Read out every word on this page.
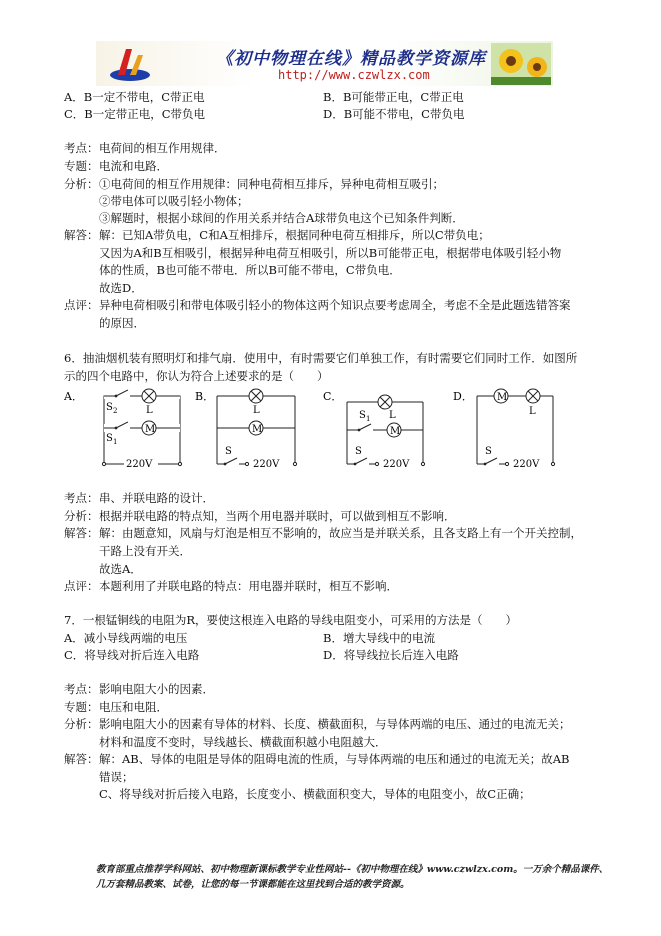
《初中物理在线》精品教学资源库
http://www.czwlzx.com
A．B一定不带电，C带正电	B．B可能带正电，C带正电
C．B一定带正电，C带负电	D．B可能不带电，C带负电
考点： 电荷间的相互作用规律．
专题： 电流和电路．
分析： ①电荷间的相互作用规律：同种电荷相互排斥，异种电荷相互吸引；
②带电体可以吸引轻小物体；
③解题时，根据小球间的作用关系并结合A球带负电这个已知条件判断．
解答： 解：已知A带负电，C和A互相排斥，根据同种电荷互相排斥，所以C带负电；
又因为A和B互相吸引，根据异种电荷互相吸引，所以B可能带正电，根据带电体吸引轻小物
体的性质，B也可能不带电．所以B可能不带电，C带负电．
故选D．
点评： 异种电荷相吸引和带电体吸引轻小的物体这两个知识点要考虑周全，考虑不全是此题选错答案
的原因．
6．抽油烟机装有照明灯和排气扇．使用中，有时需要它们单独工作，有时需要它们同时工作．如图所
示的四个电路中，你认为符合上述要求的是（　　）
A．
L
S 2
M
S 1
220V
B．
L
M
S
220V
C．
L
M
S 1
S
220V
D． M
L
S
220V
考点： 串、并联电路的设计．
分析： 根据并联电路的特点知，当两个用电器并联时，可以做到相互不影响．
解答： 解：由题意知，风扇与灯泡是相互不影响的，故应当是并联关系，且各支路上有一个开关控制，
干路上没有开关．
故选A．
点评： 本题利用了并联电路的特点：用电器并联时，相互不影响．
7．一根锰铜线的电阻为R，要使这根连入电路的导线电阻变小，可采用的方法是（　　）
A．减小导线两端的电压	B．增大导线中的电流
C．将导线对折后连入电路	D．将导线拉长后连入电路
考点： 影响电阻大小的因素．
专题： 电压和电阻．
分析： 影响电阻大小的因素有导体的材料、长度、横截面积，与导体两端的电压、通过的电流无关；
材料和温度不变时，导线越长、横截面积越小电阻越大．
解答： 解：AB、导体的电阻是导体的阻碍电流的性质，与导体两端的电压和通过的电流无关；故AB
错误；
C、将导线对折后接入电路，长度变小、横截面积变大，导体的电阻变小，故C正确；
教育部重点推荐学科网站、初中物理新课标教学专业性网站--《初中物理在线》www.czwlzx.com。一万余个精品课件、
几万套精品教案、试卷，让您的每一节课都能在这里找到合适的教学资源。
